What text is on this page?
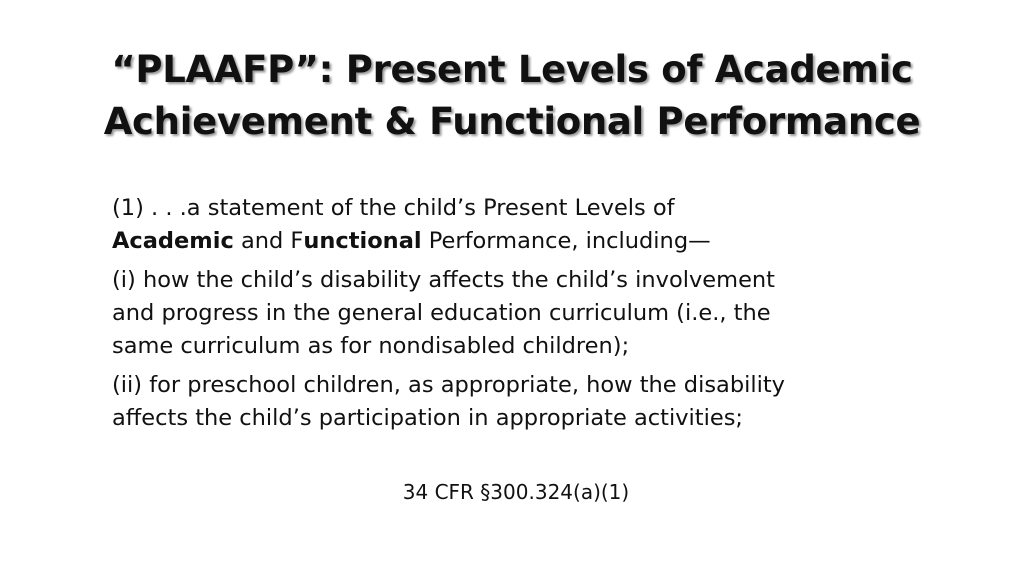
“PLAAFP”: Present Levels of Academic
Achievement & Functional Performance
(1) . . .a statement of the child’s Present Levels of
Academic and Functional Performance, including—
(i) how the child’s disability affects the child’s involvement
and progress in the general education curriculum (i.e., the
same curriculum as for nondisabled children);
(ii) for preschool children, as appropriate, how the disability
affects the child’s participation in appropriate activities;
34 CFR §300.324(a)(1)
